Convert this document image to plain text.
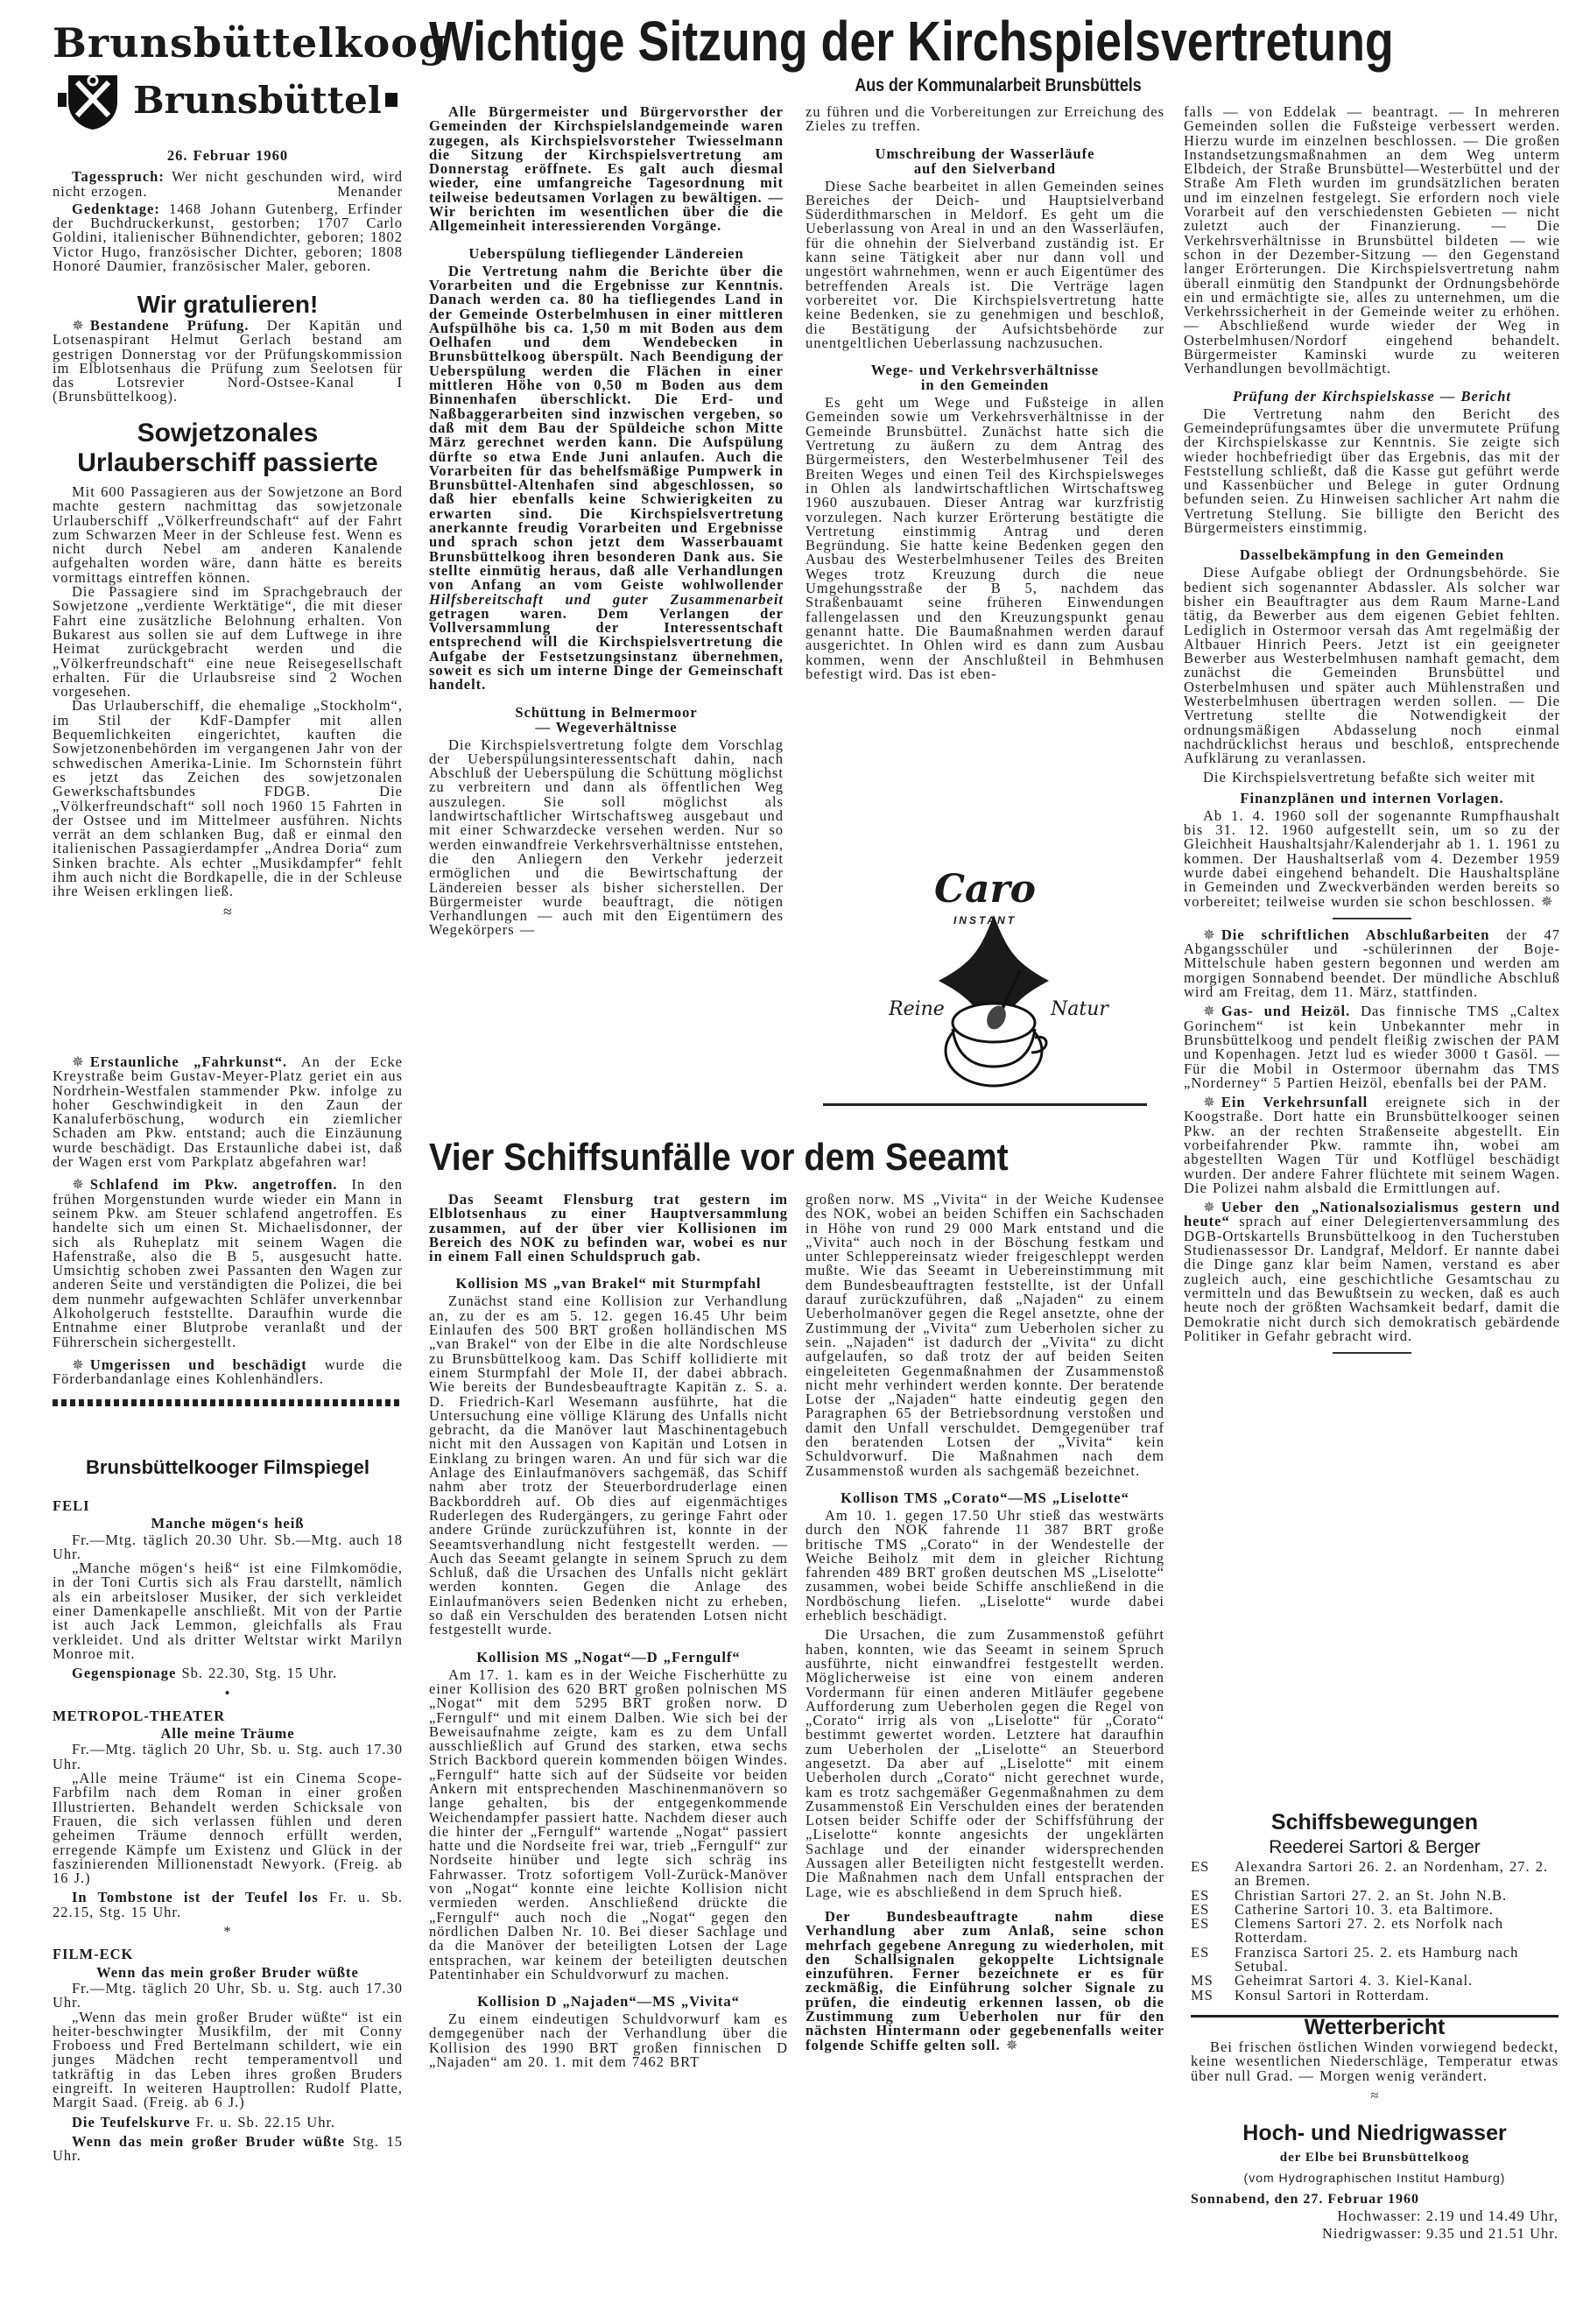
Brunsbüttelkoog
Brunsbüttel
26. Februar 1960

Tagesspruch: Wer nicht geschunden wird, wird nicht erzogen.	Menander

Gedenktage: 1468 Johann Gutenberg, Erfinder der Buchdruckerkunst, gestorben; 1707 Carlo Goldini, italienischer Bühnendichter, geboren; 1802 Victor Hugo, französischer Dichter, geboren; 1808 Honoré Daumier, französischer Maler, geboren.

Wir gratulieren!

✵ Bestandene Prüfung. Der Kapitän und Lotsenaspirant Helmut Gerlach bestand am gestrigen Donnerstag vor der Prüfungskommission im Elblotsenhaus die Prüfung zum Seelotsen für das Lotsrevier Nord-Ostsee-Kanal I (Brunsbüttelkoog).

Sowjetzonales
Urlauberschiff passierte

Mit 600 Passagieren aus der Sowjetzone an Bord machte gestern nachmittag das sowjetzonale Urlauberschiff „Völkerfreundschaft“ auf der Fahrt zum Schwarzen Meer in der Schleuse fest. Wenn es nicht durch Nebel am anderen Kanalende aufgehalten worden wäre, dann hätte es bereits vormittags eintreffen können.

Die Passagiere sind im Sprachgebrauch der Sowjetzone „verdiente Werktätige“, die mit dieser Fahrt eine zusätzliche Belohnung erhalten. Von Bukarest aus sollen sie auf dem Luftwege in ihre Heimat zurückgebracht werden und die „Völkerfreundschaft“ eine neue Reisegesellschaft erhalten. Für die Urlaubsreise sind 2 Wochen vorgesehen.

Das Urlauberschiff, die ehemalige „Stockholm“, im Stil der KdF-Dampfer mit allen Bequemlichkeiten eingerichtet, kauften die Sowjetzonenbehörden im vergangenen Jahr von der schwedischen Amerika-Linie. Im Schornstein führt es jetzt das Zeichen des sowjetzonalen Gewerkschaftsbundes FDGB. Die „Völkerfreundschaft“ soll noch 1960 15 Fahrten in der Ostsee und im Mittelmeer ausführen. Nichts verrät an dem schlanken Bug, daß er einmal den italienischen Passagierdampfer „Andrea Doria“ zum Sinken brachte. Als echter „Musikdampfer“ fehlt ihm auch nicht die Bordkapelle, die in der Schleuse ihre Weisen erklingen ließ.

≈

✵ Erstaunliche „Fahrkunst“. An der Ecke Kreystraße beim Gustav-Meyer-Platz geriet ein aus Nordrhein-Westfalen stammender Pkw. infolge zu hoher Geschwindigkeit in den Zaun der Kanaluferböschung, wodurch ein ziemlicher Schaden am Pkw. entstand; auch die Einzäunung wurde beschädigt. Das Erstaunliche dabei ist, daß der Wagen erst vom Parkplatz abgefahren war!

✵ Schlafend im Pkw. angetroffen. In den frühen Morgenstunden wurde wieder ein Mann in seinem Pkw. am Steuer schlafend angetroffen. Es handelte sich um einen St. Michaelisdonner, der sich als Ruheplatz mit seinem Wagen die Hafenstraße, also die B 5, ausgesucht hatte. Umsichtig schoben zwei Passanten den Wagen zur anderen Seite und verständigten die Polizei, die bei dem nunmehr aufgewachten Schläfer unverkennbar Alkoholgeruch feststellte. Daraufhin wurde die Entnahme einer Blutprobe veranlaßt und der Führerschein sichergestellt.

✵ Umgerissen und beschädigt wurde die Förderbandanlage eines Kohlenhändlers.

Brunsbüttelkooger Filmspiegel
FELI
Manche mögen‘s heiß

Fr.—Mtg. täglich 20.30 Uhr. Sb.—Mtg. auch 18 Uhr.

„Manche mögen‘s heiß“ ist eine Filmkomödie, in der Toni Curtis sich als Frau darstellt, nämlich als ein arbeitsloser Musiker, der sich verkleidet einer Damenkapelle anschließt. Mit von der Partie ist auch Jack Lemmon, gleichfalls als Frau verkleidet. Und als dritter Weltstar wirkt Marilyn Monroe mit.

Gegenspionage Sb. 22.30, Stg. 15 Uhr.

•
METROPOL-THEATER
Alle meine Träume

Fr.—Mtg. täglich 20 Uhr, Sb. u. Stg. auch 17.30 Uhr.

„Alle meine Träume“ ist ein Cinema Scope-Farbfilm nach dem Roman in einer großen Illustrierten. Behandelt werden Schicksale von Frauen, die sich verlassen fühlen und deren geheimen Träume dennoch erfüllt werden, erregende Kämpfe um Existenz und Glück in der faszinierenden Millionenstadt Newyork. (Freig. ab 16 J.)

In Tombstone ist der Teufel los Fr. u. Sb. 22.15, Stg. 15 Uhr.

*
FILM-ECK
Wenn das mein großer Bruder wüßte

Fr.—Mtg. täglich 20 Uhr, Sb. u. Stg. auch 17.30 Uhr.

„Wenn das mein großer Bruder wüßte“ ist ein heiter-beschwingter Musikfilm, der mit Conny Froboess und Fred Bertelmann schildert, wie ein junges Mädchen recht temperamentvoll und tatkräftig in das Leben ihres großen Bruders eingreift. In weiteren Hauptrollen: Rudolf Platte, Margit Saad. (Freig. ab 6 J.)

Die Teufelskurve Fr. u. Sb. 22.15 Uhr.

Wenn das mein großer Bruder wüßte Stg. 15 Uhr.

Wichtige Sitzung der Kirchspielsvertretung
Aus der Kommunalarbeit Brunsbüttels

Alle Bürgermeister und Bürgervorsther der Gemeinden der Kirchspielslandgemeinde waren zugegen, als Kirchspielsvorsteher Twiesselmann die Sitzung der Kirchspielsvertretung am Donnerstag eröffnete. Es galt auch diesmal wieder, eine umfangreiche Tagesordnung mit teilweise bedeutsamen Vorlagen zu bewältigen. — Wir berichten im wesentlichen über die die Allgemeinheit interessierenden Vorgänge.

Ueberspülung tiefliegender Ländereien

Die Vertretung nahm die Berichte über die Vorarbeiten und die Ergebnisse zur Kenntnis. Danach werden ca. 80 ha tiefliegendes Land in der Gemeinde Osterbelmhusen in einer mittleren Aufspülhöhe bis ca. 1,50 m mit Boden aus dem Oelhafen und dem Wendebecken in Brunsbüttelkoog überspült. Nach Beendigung der Ueberspülung werden die Flächen in einer mittleren Höhe von 0,50 m Boden aus dem Binnenhafen überschlickt. Die Erd- und Naßbaggerarbeiten sind inzwischen vergeben, so daß mit dem Bau der Spüldeiche schon Mitte März gerechnet werden kann. Die Aufspülung dürfte so etwa Ende Juni anlaufen. Auch die Vorarbeiten für das behelfsmäßige Pumpwerk in Brunsbüttel-Altenhafen sind abgeschlossen, so daß hier ebenfalls keine Schwierigkeiten zu erwarten sind. Die Kirchspielsvertretung anerkannte freudig Vorarbeiten und Ergebnisse und sprach schon jetzt dem Wasserbauamt Brunsbüttelkoog ihren besonderen Dank aus. Sie stellte einmütig heraus, daß alle Verhandlungen von Anfang an vom Geiste wohlwollender Hilfsbereitschaft und guter Zusammenarbeit getragen waren. Dem Verlangen der Vollversammlung der Interessentschaft entsprechend will die Kirchspielsvertretung die Aufgabe der Festsetzungsinstanz übernehmen, soweit es sich um interne Dinge der Gemeinschaft handelt.

Schüttung in Belmermoor
— Wegeverhältnisse

Die Kirchspielsvertretung folgte dem Vorschlag der Ueberspülungsinteressentschaft dahin, nach Abschluß der Ueberspülung die Schüttung möglichst zu verbreitern und dann als öffentlichen Weg auszulegen. Sie soll möglichst als landwirtschaftlicher Wirtschaftsweg ausgebaut und mit einer Schwarzdecke versehen werden. Nur so werden einwandfreie Verkehrsverhältnisse entstehen, die den Anliegern den Verkehr jederzeit ermöglichen und die Bewirtschaftung der Ländereien besser als bisher sicherstellen. Der Bürgermeister wurde beauftragt, die nötigen Verhandlungen — auch mit den Eigentümern des Wegekörpers —

zu führen und die Vorbereitungen zur Erreichung des Zieles zu treffen.

Umschreibung der Wasserläufe
auf den Sielverband

Diese Sache bearbeitet in allen Gemeinden seines Bereiches der Deich- und Hauptsielverband Süderdithmarschen in Meldorf. Es geht um die Ueberlassung von Areal in und an den Wasserläufen, für die ohnehin der Sielverband zuständig ist. Er kann seine Tätigkeit aber nur dann voll und ungestört wahrnehmen, wenn er auch Eigentümer des betreffenden Areals ist. Die Verträge lagen vorbereitet vor. Die Kirchspielsvertretung hatte keine Bedenken, sie zu genehmigen und beschloß, die Bestätigung der Aufsichtsbehörde zur unentgeltlichen Ueberlassung nachzusuchen.

Wege- und Verkehrsverhältnisse
in den Gemeinden

Es geht um Wege und Fußsteige in allen Gemeinden sowie um Verkehrsverhältnisse in der Gemeinde Brunsbüttel. Zunächst hatte sich die Vertretung zu äußern zu dem Antrag des Bürgermeisters, den Westerbelmhusener Teil des Breiten Weges und einen Teil des Kirchspielsweges in Ohlen als landwirtschaftlichen Wirtschaftsweg 1960 auszubauen. Dieser Antrag war kurzfristig vorzulegen. Nach kurzer Erörterung bestätigte die Vertretung einstimmig Antrag und deren Begründung. Sie hatte keine Bedenken gegen den Ausbau des Westerbelmhusener Teiles des Breiten Weges trotz Kreuzung durch die neue Umgehungsstraße der B 5, nachdem das Straßenbauamt seine früheren Einwendungen fallengelassen und den Kreuzungspunkt genau genannt hatte. Die Baumaßnahmen werden darauf ausgerichtet. In Ohlen wird es dann zum Ausbau kommen, wenn der Anschlußteil in Behmhusen befestigt wird. Das ist eben-

Caro
INSTANT
Reine	Natur

falls — von Eddelak — beantragt. — In mehreren Gemeinden sollen die Fußsteige verbessert werden. Hierzu wurde im einzelnen beschlossen. — Die großen Instandsetzungsmaßnahmen an dem Weg unterm Elbdeich, der Straße Brunsbüttel—Westerbüttel und der Straße Am Fleth wurden im grundsätzlichen beraten und im einzelnen festgelegt. Sie erfordern noch viele Vorarbeit auf den verschiedensten Gebieten — nicht zuletzt auch der Finanzierung. — Die Verkehrsverhältnisse in Brunsbüttel bildeten — wie schon in der Dezember-Sitzung — den Gegenstand langer Erörterungen. Die Kirchspielsvertretung nahm überall einmütig den Standpunkt der Ordnungsbehörde ein und ermächtigte sie, alles zu unternehmen, um die Verkehrssicherheit in der Gemeinde weiter zu erhöhen. — Abschließend wurde wieder der Weg in Osterbelmhusen/Nordorf eingehend behandelt. Bürgermeister Kaminski wurde zu weiteren Verhandlungen bevollmächtigt.

Prüfung der Kirchspielskasse — Bericht

Die Vertretung nahm den Bericht des Gemeindeprüfungsamtes über die unvermutete Prüfung der Kirchspielskasse zur Kenntnis. Sie zeigte sich wieder hochbefriedigt über das Ergebnis, das mit der Feststellung schließt, daß die Kasse gut geführt werde und Kassenbücher und Belege in guter Ordnung befunden seien. Zu Hinweisen sachlicher Art nahm die Vertretung Stellung. Sie billigte den Bericht des Bürgermeisters einstimmig.

Dasselbekämpfung in den Gemeinden

Diese Aufgabe obliegt der Ordnungsbehörde. Sie bedient sich sogenannter Abdassler. Als solcher war bisher ein Beauftragter aus dem Raum Marne-Land tätig, da Bewerber aus dem eigenen Gebiet fehlten. Lediglich in Ostermoor versah das Amt regelmäßig der Altbauer Hinrich Peers. Jetzt ist ein geeigneter Bewerber aus Westerbelmhusen namhaft gemacht, dem zunächst die Gemeinden Brunsbüttel und Osterbelmhusen und später auch Mühlenstraßen und Westerbelmhusen übertragen werden sollen. — Die Vertretung stellte die Notwendigkeit der ordnungsmäßigen Abdasselung noch einmal nachdrücklichst heraus und beschloß, entsprechende Aufklärung zu veranlassen.

Die Kirchspielsvertretung befaßte sich weiter mit

Finanzplänen und internen Vorlagen.

Ab 1. 4. 1960 soll der sogenannte Rumpfhaushalt bis 31. 12. 1960 aufgestellt sein, um so zu der Gleichheit Haushaltsjahr/Kalenderjahr ab 1. 1. 1961 zu kommen. Der Haushaltserlaß vom 4. Dezember 1959 wurde dabei eingehend behandelt. Die Haushaltspläne in Gemeinden und Zweckverbänden werden bereits so vorbereitet; teilweise wurden sie schon beschlossen. ✵

✵ Die schriftlichen Abschlußarbeiten der 47 Abgangsschüler und -schülerinnen der Boje-Mittelschule haben gestern begonnen und werden am morgigen Sonnabend beendet. Der mündliche Abschluß wird am Freitag, dem 11. März, stattfinden.

✵ Gas- und Heizöl. Das finnische TMS „Caltex Gorinchem“ ist kein Unbekannter mehr in Brunsbüttelkoog und pendelt fleißig zwischen der PAM und Kopenhagen. Jetzt lud es wieder 3000 t Gasöl. — Für die Mobil in Ostermoor übernahm das TMS „Norderney“ 5 Partien Heizöl, ebenfalls bei der PAM.

✵ Ein Verkehrsunfall ereignete sich in der Koogstraße. Dort hatte ein Brunsbüttelkooger seinen Pkw. an der rechten Straßenseite abgestellt. Ein vorbeifahrender Pkw. rammte ihn, wobei am abgestellten Wagen Tür und Kotflügel beschädigt wurden. Der andere Fahrer flüchtete mit seinem Wagen. Die Polizei nahm alsbald die Ermittlungen auf.

✵ Ueber den „Nationalsozialismus gestern und heute“ sprach auf einer Delegiertenversammlung des DGB-Ortskartells Brunsbüttelkoog in den Tucherstuben Studienassessor Dr. Landgraf, Meldorf. Er nannte dabei die Dinge ganz klar beim Namen, verstand es aber zugleich auch, eine geschichtliche Gesamtschau zu vermitteln und das Bewußtsein zu wecken, daß es auch heute noch der größten Wachsamkeit bedarf, damit die Demokratie nicht durch sich demokratisch gebärdende Politiker in Gefahr gebracht wird.

Schiffsbewegungen
Reederei Sartori & Berger
ES	Alexandra Sartori 26. 2. an Nordenham, 27. 2. an Bremen.
ES	Christian Sartori 27. 2. an St. John N.B.
ES	Catherine Sartori 10. 3. eta Baltimore.
ES	Clemens Sartori 27. 2. ets Norfolk nach Rotterdam.
ES	Franzisca Sartori 25. 2. ets Hamburg nach Setubal.
MS	Geheimrat Sartori 4. 3. Kiel-Kanal.
MS	Konsul Sartori in Rotterdam.
Wetterbericht

Bei frischen östlichen Winden vorwiegend bedeckt, keine wesentlichen Niederschläge, Temperatur etwas über null Grad. — Morgen wenig verändert.

≈
Hoch- und Niedrigwasser
der Elbe bei Brunsbüttelkoog
(vom Hydrographischen Institut Hamburg)
Sonnabend, den 27. Februar 1960
Hochwasser: 2.19 und 14.49 Uhr,
Niedrigwasser: 9.35 und 21.51 Uhr.
Vier Schiffsunfälle vor dem Seeamt

Das Seeamt Flensburg trat gestern im Elblotsenhaus zu einer Hauptversammlung zusammen, auf der über vier Kollisionen im Bereich des NOK zu befinden war, wobei es nur in einem Fall einen Schuldspruch gab.

Kollision MS „van Brakel“ mit Sturmpfahl

Zunächst stand eine Kollision zur Verhandlung an, zu der es am 5. 12. gegen 16.45 Uhr beim Einlaufen des 500 BRT großen holländischen MS „van Brakel“ von der Elbe in die alte Nordschleuse zu Brunsbüttelkoog kam. Das Schiff kollidierte mit einem Sturmpfahl der Mole II, der dabei abbrach. Wie bereits der Bundesbeauftragte Kapitän z. S. a. D. Friedrich-Karl Wesemann ausführte, hat die Untersuchung eine völlige Klärung des Unfalls nicht gebracht, da die Manöver laut Maschinentagebuch nicht mit den Aussagen von Kapitän und Lotsen in Einklang zu bringen waren. An und für sich war die Anlage des Einlaufmanövers sachgemäß, das Schiff nahm aber trotz der Steuerbordruderlage einen Backborddreh auf. Ob dies auf eigenmächtiges Ruderlegen des Rudergängers, zu geringe Fahrt oder andere Gründe zurückzuführen ist, konnte in der Seeamtsverhandlung nicht festgestellt werden. — Auch das Seeamt gelangte in seinem Spruch zu dem Schluß, daß die Ursachen des Unfalls nicht geklärt werden konnten. Gegen die Anlage des Einlaufmanövers seien Bedenken nicht zu erheben, so daß ein Verschulden des beratenden Lotsen nicht festgestellt wurde.

Kollision MS „Nogat“—D „Ferngulf“

Am 17. 1. kam es in der Weiche Fischerhütte zu einer Kollision des 620 BRT großen polnischen MS „Nogat“ mit dem 5295 BRT großen norw. D „Ferngulf“ und mit einem Dalben. Wie sich bei der Beweisaufnahme zeigte, kam es zu dem Unfall ausschließlich auf Grund des starken, etwa sechs Strich Backbord querein kommenden böigen Windes. „Ferngulf“ hatte sich auf der Südseite vor beiden Ankern mit entsprechenden Maschinenmanövern so lange gehalten, bis der entgegenkommende Weichendampfer passiert hatte. Nachdem dieser auch die hinter der „Ferngulf“ wartende „Nogat“ passiert hatte und die Nordseite frei war, trieb „Ferngulf“ zur Nordseite hinüber und legte sich schräg ins Fahrwasser. Trotz sofortigem Voll-Zurück-Manöver von „Nogat“ konnte eine leichte Kollision nicht vermieden werden. Anschließend drückte die „Ferngulf“ auch noch die „Nogat“ gegen den nördlichen Dalben Nr. 10. Bei dieser Sachlage und da die Manöver der beteiligten Lotsen der Lage entsprachen, war keinem der beteiligten deutschen Patentinhaber ein Schuldvorwurf zu machen.

Kollision D „Najaden“—MS „Vivita“

Zu einem eindeutigen Schuldvorwurf kam es demgegenüber nach der Verhandlung über die Kollision des 1990 BRT großen finnischen D „Najaden“ am 20. 1. mit dem 7462 BRT

großen norw. MS „Vivita“ in der Weiche Kudensee des NOK, wobei an beiden Schiffen ein Sachschaden in Höhe von rund 29 000 Mark entstand und die „Vivita“ auch noch in der Böschung festkam und unter Schleppereinsatz wieder freigeschleppt werden mußte. Wie das Seeamt in Uebereinstimmung mit dem Bundesbeauftragten feststellte, ist der Unfall darauf zurückzuführen, daß „Najaden“ zu einem Ueberholmanöver gegen die Regel ansetzte, ohne der Zustimmung der „Vivita“ zum Ueberholen sicher zu sein. „Najaden“ ist dadurch der „Vivita“ zu dicht aufgelaufen, so daß trotz der auf beiden Seiten eingeleiteten Gegenmaßnahmen der Zusammenstoß nicht mehr verhindert werden konnte. Der beratende Lotse der „Najaden“ hatte eindeutig gegen den Paragraphen 65 der Betriebsordnung verstoßen und damit den Unfall verschuldet. Demgegenüber traf den beratenden Lotsen der „Vivita“ kein Schuldvorwurf. Die Maßnahmen nach dem Zusammenstoß wurden als sachgemäß bezeichnet.

Kollison TMS „Corato“—MS „Liselotte“

Am 10. 1. gegen 17.50 Uhr stieß das westwärts durch den NOK fahrende 11 387 BRT große britische TMS „Corato“ in der Wendestelle der Weiche Beiholz mit dem in gleicher Richtung fahrenden 489 BRT großen deutschen MS „Liselotte“ zusammen, wobei beide Schiffe anschließend in die Nordböschung liefen. „Liselotte“ wurde dabei erheblich beschädigt.

Die Ursachen, die zum Zusammenstoß geführt haben, konnten, wie das Seeamt in seinem Spruch ausführte, nicht einwandfrei festgestellt werden. Möglicherweise ist eine von einem anderen Vordermann für einen anderen Mitläufer gegebene Aufforderung zum Ueberholen gegen die Regel von „Corato“ irrig als von „Liselotte“ für „Corato“ bestimmt gewertet worden. Letztere hat daraufhin zum Ueberholen der „Liselotte“ an Steuerbord angesetzt. Da aber auf „Liselotte“ mit einem Ueberholen durch „Corato“ nicht gerechnet wurde, kam es trotz sachgemäßer Gegenmaßnahmen zu dem Zusammenstoß Ein Verschulden eines der beratenden Lotsen beider Schiffe oder der Schiffsführung der „Liselotte“ konnte angesichts der ungeklärten Sachlage und der einander widersprechenden Aussagen aller Beteiligten nicht festgestellt werden. Die Maßnahmen nach dem Unfall entsprachen der Lage, wie es abschließend in dem Spruch hieß.

Der Bundesbeauftragte nahm diese Verhandlung aber zum Anlaß, seine schon mehrfach gegebene Anregung zu wiederholen, mit den Schallsignalen gekoppelte Lichtsignale einzuführen. Ferner bezeichnete er es für zeckmäßig, die Einführung solcher Signale zu prüfen, die eindeutig erkennen lassen, ob die Zustimmung zum Ueberholen nur für den nächsten Hintermann oder gegebenenfalls weiter folgende Schiffe gelten soll. ✵
